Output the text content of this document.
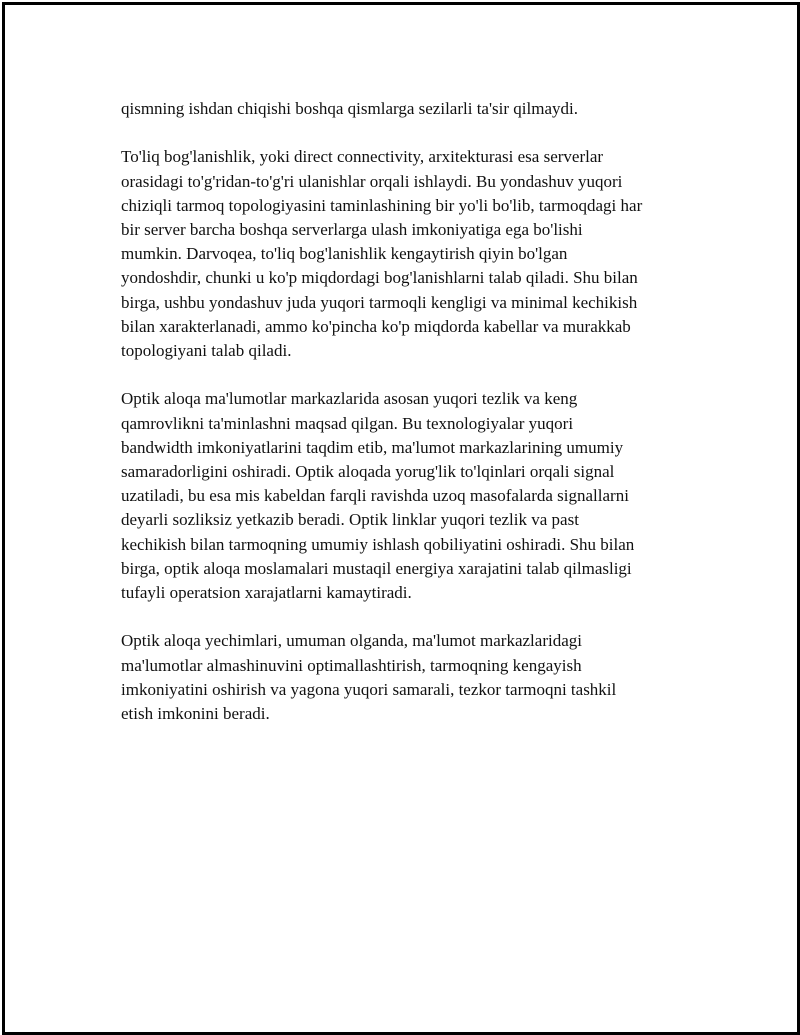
qismning ishdan chiqishi boshqa qismlarga sezilarli ta'sir qilmaydi.

To'liq bog'lanishlik, yoki direct connectivity, arxitekturasi esa serverlar
orasidagi to'g'ridan-to'g'ri ulanishlar orqali ishlaydi. Bu yondashuv yuqori
chiziqli tarmoq topologiyasini taminlashining bir yo'li bo'lib, tarmoqdagi har
bir server barcha boshqa serverlarga ulash imkoniyatiga ega bo'lishi
mumkin. Darvoqea, to'liq bog'lanishlik kengaytirish qiyin bo'lgan
yondoshdir, chunki u ko'p miqdordagi bog'lanishlarni talab qiladi. Shu bilan
birga, ushbu yondashuv juda yuqori tarmoqli kengligi va minimal kechikish
bilan xarakterlanadi, ammo ko'pincha ko'p miqdorda kabellar va murakkab
topologiyani talab qiladi.

Optik aloqa ma'lumotlar markazlarida asosan yuqori tezlik va keng
qamrovlikni ta'minlashni maqsad qilgan. Bu texnologiyalar yuqori
bandwidth imkoniyatlarini taqdim etib, ma'lumot markazlarining umumiy
samaradorligini oshiradi. Optik aloqada yorug'lik to'lqinlari orqali signal
uzatiladi, bu esa mis kabeldan farqli ravishda uzoq masofalarda signallarni
deyarli sozliksiz yetkazib beradi. Optik linklar yuqori tezlik va past
kechikish bilan tarmoqning umumiy ishlash qobiliyatini oshiradi. Shu bilan
birga, optik aloqa moslamalari mustaqil energiya xarajatini talab qilmasligi
tufayli operatsion xarajatlarni kamaytiradi.

Optik aloqa yechimlari, umuman olganda, ma'lumot markazlaridagi
ma'lumotlar almashinuvini optimallashtirish, tarmoqning kengayish
imkoniyatini oshirish va yagona yuqori samarali, tezkor tarmoqni tashkil
etish imkonini beradi.
